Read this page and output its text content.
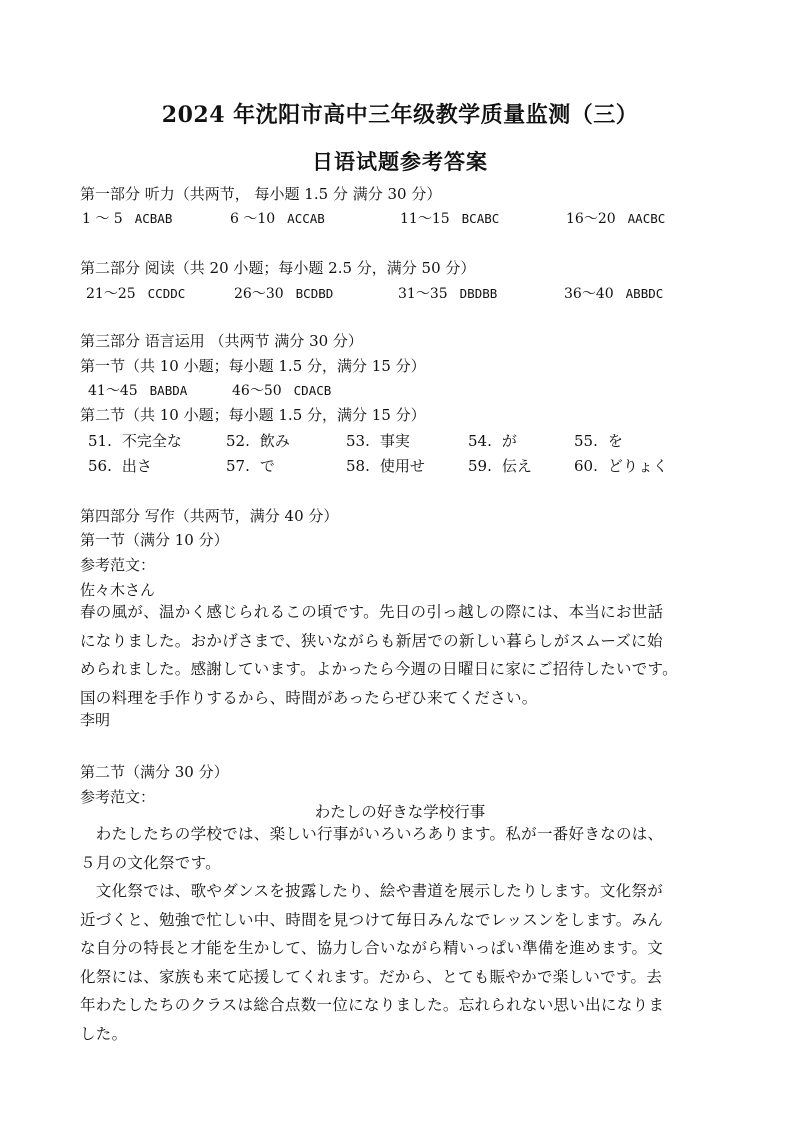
2024 年沈阳市高中三年级教学质量监测（三）
日语试题参考答案
第一部分 听力（共两节， 每小题 1.5 分 满分 30 分）
1 ～ 5 ACBAB	6 ～10 ACCAB	11～15 BCABC	16～20 AACBC
第二部分 阅读（共 20 小题；每小题 2.5 分，满分 50 分）
21～25 CCDDC	26～30 BCDBD	31～35 DBDBB	36～40 ABBDC
第三部分 语言运用 （共两节 满分 30 分）
第一节（共 10 小题；每小题 1.5 分，满分 15 分）
41～45 BABDA	46～50 CDACB
第二节（共 10 小题；每小题 1.5 分，满分 15 分）
51. 不完全な	52. 飲み	53. 事実	54. が	55. を
56. 出さ	57. で	58. 使用せ	59. 伝え	60. どりょく
第四部分 写作（共两节，满分 40 分）
第一节（满分 10 分）
参考范文：
佐々木さん

春の風が、温かく感じられるこの頃です。先日の引っ越しの際には、本当にお世話

になりました。おかげさまで、狭いながらも新居での新しい暮らしがスムーズに始

められました。感謝しています。よかったら今週の日曜日に家にご招待したいです。

国の料理を手作りするから、時間があったらぜひ来てください。

李明
第二节（满分 30 分）
参考范文：
わたしの好きな学校行事

　わたしたちの学校では、楽しい行事がいろいろあります。私が一番好きなのは、

５月の文化祭です。

　文化祭では、歌やダンスを披露したり、絵や書道を展示したりします。文化祭が

近づくと、勉強で忙しい中、時間を見つけて毎日みんなでレッスンをします。みん

な自分の特長と才能を生かして、協力し合いながら精いっぱい準備を進めます。文

化祭には、家族も来て応援してくれます。だから、とても賑やかで楽しいです。去

年わたしたちのクラスは総合点数一位になりました。忘れられない思い出になりま

した。
